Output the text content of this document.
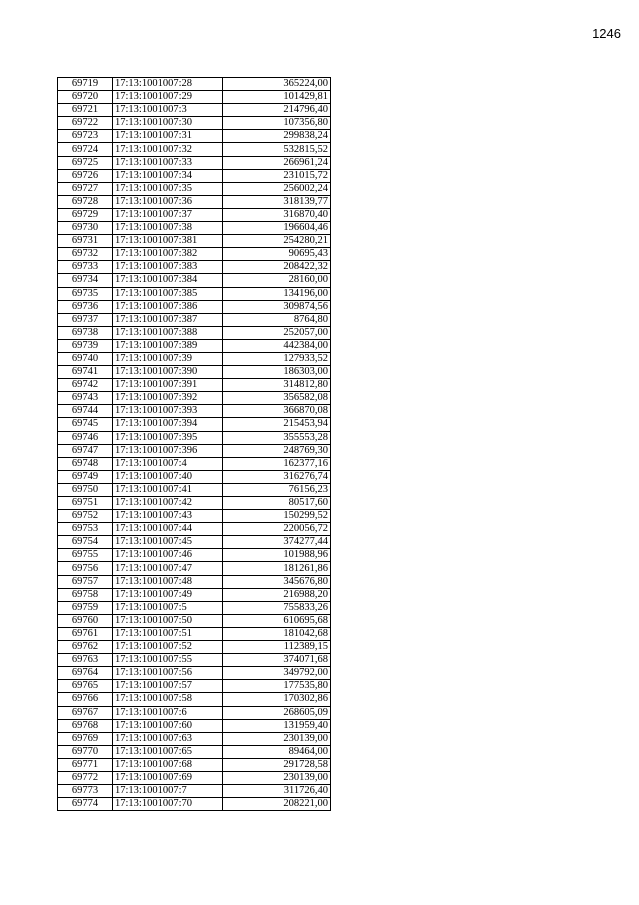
1246
69719	17:13:1001007:28	365224,00
69720	17:13:1001007:29	101429,81
69721	17:13:1001007:3	214796,40
69722	17:13:1001007:30	107356,80
69723	17:13:1001007:31	299838,24
69724	17:13:1001007:32	532815,52
69725	17:13:1001007:33	266961,24
69726	17:13:1001007:34	231015,72
69727	17:13:1001007:35	256002,24
69728	17:13:1001007:36	318139,77
69729	17:13:1001007:37	316870,40
69730	17:13:1001007:38	196604,46
69731	17:13:1001007:381	254280,21
69732	17:13:1001007:382	90695,43
69733	17:13:1001007:383	208422,32
69734	17:13:1001007:384	28160,00
69735	17:13:1001007:385	134196,00
69736	17:13:1001007:386	309874,56
69737	17:13:1001007:387	8764,80
69738	17:13:1001007:388	252057,00
69739	17:13:1001007:389	442384,00
69740	17:13:1001007:39	127933,52
69741	17:13:1001007:390	186303,00
69742	17:13:1001007:391	314812,80
69743	17:13:1001007:392	356582,08
69744	17:13:1001007:393	366870,08
69745	17:13:1001007:394	215453,94
69746	17:13:1001007:395	355553,28
69747	17:13:1001007:396	248769,30
69748	17:13:1001007:4	162377,16
69749	17:13:1001007:40	316276,74
69750	17:13:1001007:41	76156,23
69751	17:13:1001007:42	80517,60
69752	17:13:1001007:43	150299,52
69753	17:13:1001007:44	220056,72
69754	17:13:1001007:45	374277,44
69755	17:13:1001007:46	101988,96
69756	17:13:1001007:47	181261,86
69757	17:13:1001007:48	345676,80
69758	17:13:1001007:49	216988,20
69759	17:13:1001007:5	755833,26
69760	17:13:1001007:50	610695,68
69761	17:13:1001007:51	181042,68
69762	17:13:1001007:52	112389,15
69763	17:13:1001007:55	374071,68
69764	17:13:1001007:56	349792,00
69765	17:13:1001007:57	177535,80
69766	17:13:1001007:58	170302,86
69767	17:13:1001007:6	268605,09
69768	17:13:1001007:60	131959,40
69769	17:13:1001007:63	230139,00
69770	17:13:1001007:65	89464,00
69771	17:13:1001007:68	291728,58
69772	17:13:1001007:69	230139,00
69773	17:13:1001007:7	311726,40
69774	17:13:1001007:70	208221,00
